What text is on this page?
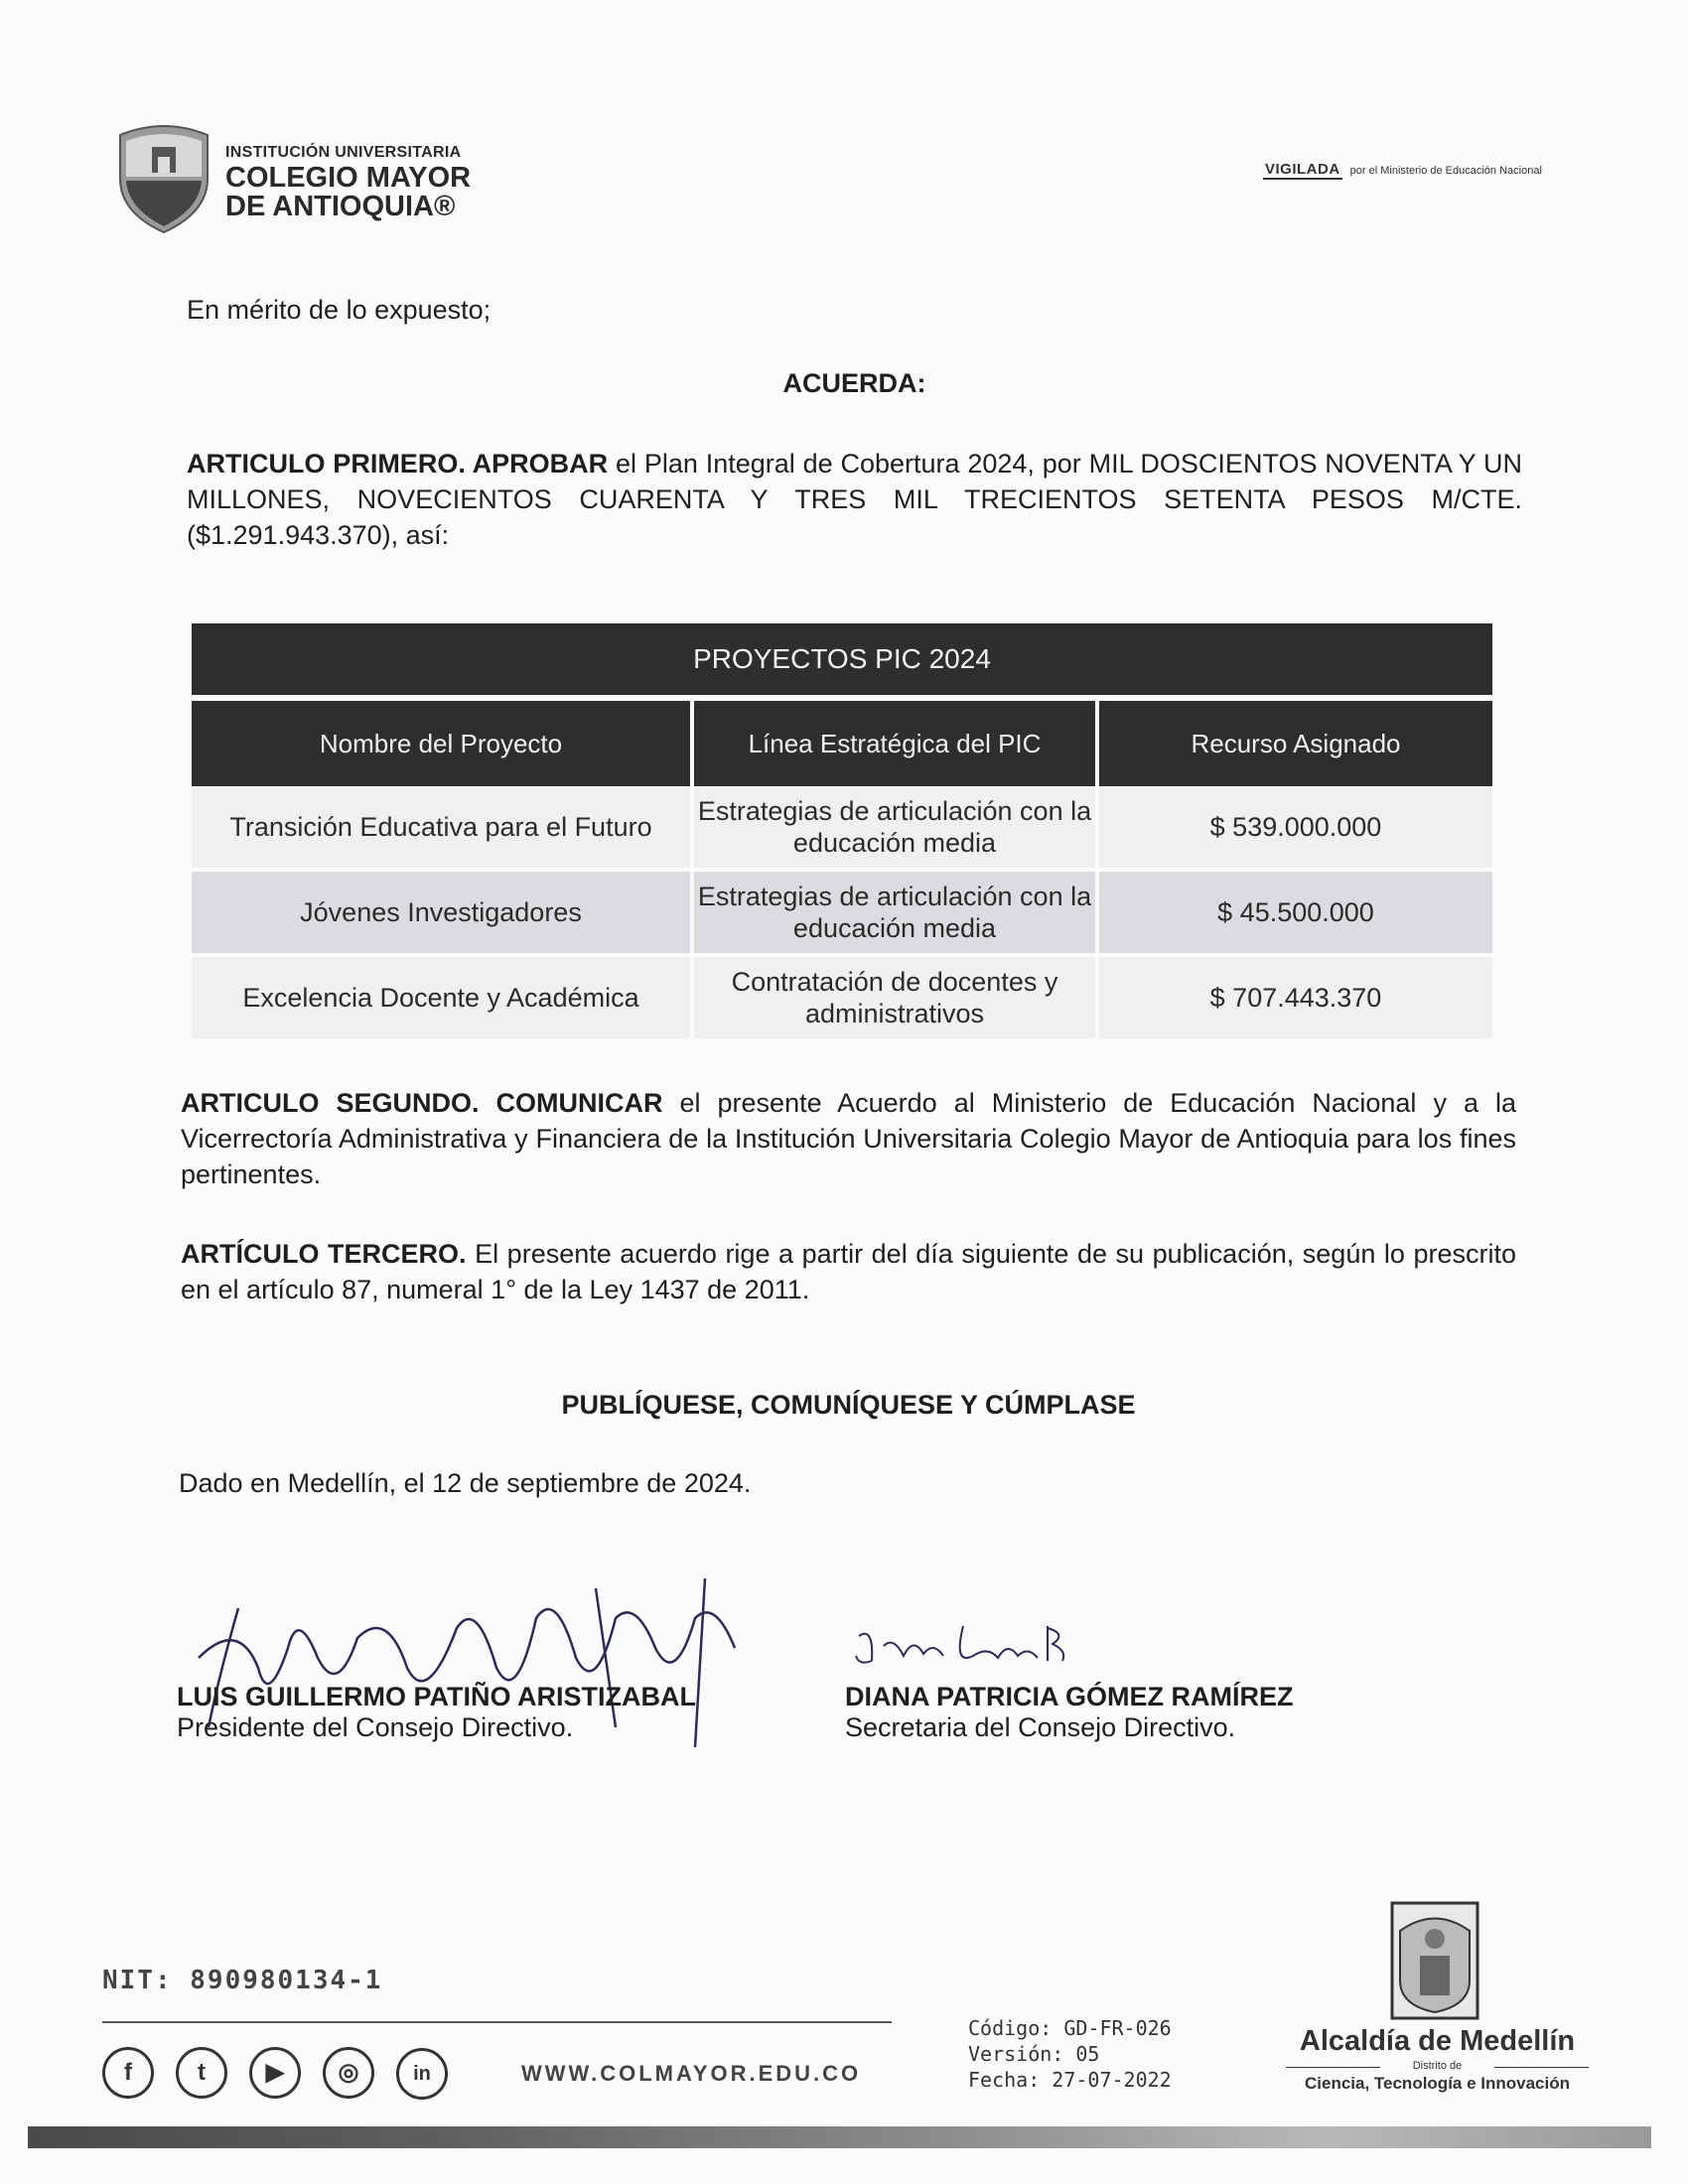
INSTITUCIÓN UNIVERSITARIA
COLEGIO MAYOR
DE ANTIOQUIA®
VIGILADA por el Ministerio de Educación Nacional
En mérito de lo expuesto;
ACUERDA:
ARTICULO PRIMERO. APROBAR el Plan Integral de Cobertura 2024, por MIL DOSCIENTOS NOVENTA Y UN MILLONES, NOVECIENTOS CUARENTA Y TRES MIL TRECIENTOS SETENTA PESOS M/CTE. ($1.291.943.370), así:
PROYECTOS PIC 2024		
Nombre del Proyecto	Línea Estratégica del PIC	Recurso Asignado
Transición Educativa para el Futuro	Estrategias de articulación con la educación media	$ 539.000.000
Jóvenes Investigadores	Estrategias de articulación con la educación media	$ 45.500.000
Excelencia Docente y Académica	Contratación de docentes y administrativos	$ 707.443.370
ARTICULO SEGUNDO. COMUNICAR el presente Acuerdo al Ministerio de Educación Nacional y a la Vicerrectoría Administrativa y Financiera de la Institución Universitaria Colegio Mayor de Antioquia para los fines pertinentes.
ARTÍCULO TERCERO. El presente acuerdo rige a partir del día siguiente de su publicación, según lo prescrito en el artículo 87, numeral 1° de la Ley 1437 de 2011.
PUBLÍQUESE, COMUNÍQUESE Y CÚMPLASE
Dado en Medellín, el 12 de septiembre de 2024.
LUIS GUILLERMO PATIÑO ARISTIZABAL
Presidente del Consejo Directivo.
DIANA PATRICIA GÓMEZ RAMÍREZ
Secretaria del Consejo Directivo.
NIT: 890980134-1
f	t	▶ ◎	in	WWW.COLMAYOR.EDU.CO
Código: GD-FR-026
Versión: 05
Fecha: 27-07-2022
Alcaldía de Medellín
Distrito de
Ciencia, Tecnología e Innovación
